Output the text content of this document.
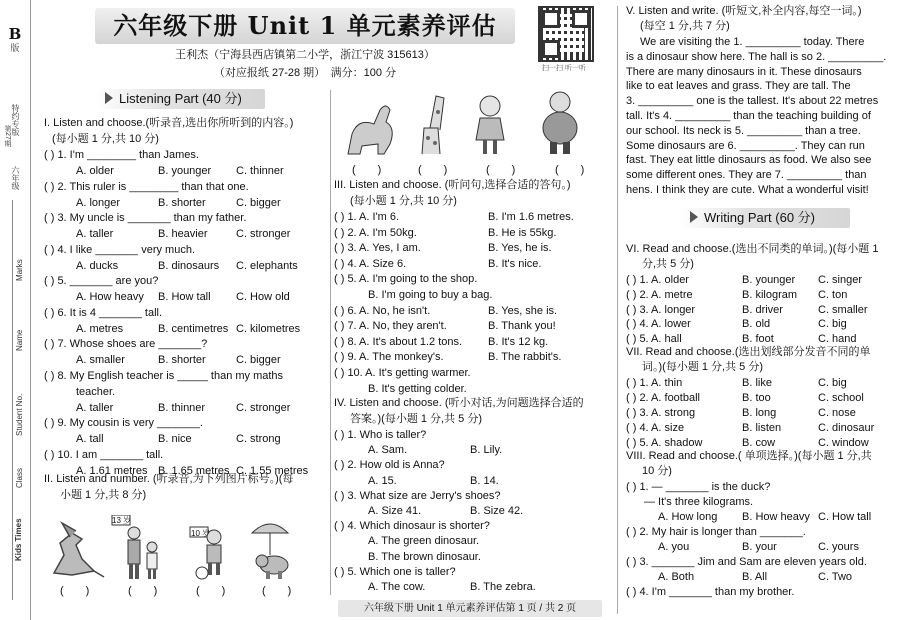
B
版
特约专版
第27期
六年级
Marks
Name
Student No.
Class
Kids Times
六年级下册 Unit 1 单元素养评估
王利杰（宁海县西店镇第二小学，浙江宁波 315613）
（对应报纸 27-28 期）　满分：100 分	扫一扫 听一听
Listening Part (40 分)
13 岁
10 岁
(　　)	(　　)	(　　)	(　　)
(　　)	(　　)	(　　)	(　　)
Writing Part (60 分)
六年级下册 Unit 1 单元素养评估第 1 页 / 共 2 页
I. Listen and choose.(听录音,选出你所听到的内容。)
(每小题 1 分,共 10 分)
( ) 1. I'm ________ than James.
A. older	B. younger C. thinner
( ) 2. This ruler is ________ than that one.
A. longer	B. shorter	C. bigger
( ) 3. My uncle is _______ than my father.
A. taller	B. heavier	C. stronger
( ) 4. I like _______ very much.
A. ducks	B. dinosaurs C. elephants
( ) 5. _______ are you?
A. How heavy B. How tall C. How old
( ) 6. It is 4 _______ tall.
A. metres	B. centimetres C. kilometres
( ) 7. Whose shoes are _______?
A. smaller	B. shorter	C. bigger
( ) 8. My English teacher is _____ than my maths
teacher.
A. taller	B. thinner	C. stronger
( ) 9. My cousin is very _______.
A. tall	B. nice	C. strong
( ) 10. I am _______ tall.
A. 1.61 metres B. 1.65 metres C. 1.55 metres
II. Listen and number. (听录音,为下列图片标号。)(每
小题 1 分,共 8 分)
III. Listen and choose. (听问句,选择合适的答句。)
(每小题 1 分,共 10 分)
( ) 1. A. I'm 6.	B. I'm 1.6 metres.
( ) 2. A. I'm 50kg.	B. He is 55kg.
( ) 3. A. Yes, I am.	B. Yes, he is.
( ) 4. A. Size 6.	B. It's nice.
( ) 5. A. I'm going to the shop.
B. I'm going to buy a bag.
( ) 6. A. No, he isn't.	B. Yes, she is.
( ) 7. A. No, they aren't.	B. Thank you!
( ) 8. A. It's about 1.2 tons. B. It's 12 kg.
( ) 9. A. The monkey's.	B. The rabbit's.
( ) 10. A. It's getting warmer.
B. It's getting colder.
IV. Listen and choose. (听小对话,为问题选择合适的
答案。)(每小题 1 分,共 5 分)
( ) 1. Who is taller?
A. Sam.	B. Lily.
( ) 2. How old is Anna?
A. 15.	B. 14.
( ) 3. What size are Jerry's shoes?
A. Size 41.	B. Size 42.
( ) 4. Which dinosaur is shorter?
A. The green dinosaur.
B. The brown dinosaur.
( ) 5. Which one is taller?
A. The cow.	B. The zebra.
V. Listen and write. (听短文,补全内容,每空一词。)
(每空 1 分,共 7 分)
We are visiting the 1. _________ today. There
is a dinosaur show here. The hall is so 2. _________.
There are many dinosaurs in it. These dinosaurs
like to eat leaves and grass. They are tall. The
3. _________ one is the tallest. It's about 22 metres
tall. It's 4. _________ than the teaching building of
our school. Its neck is 5. _________ than a tree.
Some dinosaurs are 6. _________. They can run
fast. They eat little dinosaurs as food. We also see
some different ones. They are 7. _________ than
hens. I think they are cute. What a wonderful visit!
VI. Read and choose.(选出不同类的单词。)(每小题 1
分,共 5 分)
( ) 1. A. older	B. younger C. singer
( ) 2. A. metre	B. kilogram C. ton
( ) 3. A. longer	B. driver	C. smaller
( ) 4. A. lower	B. old	C. big
( ) 5. A. hall	B. foot	C. hand
VII. Read and choose.(选出划线部分发音不同的单
词。)(每小题 1 分,共 5 分)
( ) 1. A. thin	B. like	C. big
( ) 2. A. football	B. too	C. school
( ) 3. A. strong	B. long	C. nose
( ) 4. A. size	B. listen	C. dinosaur
( ) 5. A. shadow	B. cow	C. window
VIII. Read and choose.( 单项选择。)(每小题 1 分,共
10 分)
( ) 1. — _______ is the duck?
— It's three kilograms.
A. How long B. How heavy C. How tall
( ) 2. My hair is longer than _______.
A. you	B. your	C. yours
( ) 3. _______ Jim and Sam are eleven years old.
A. Both	B. All	C. Two
( ) 4. I'm _______ than my brother.
